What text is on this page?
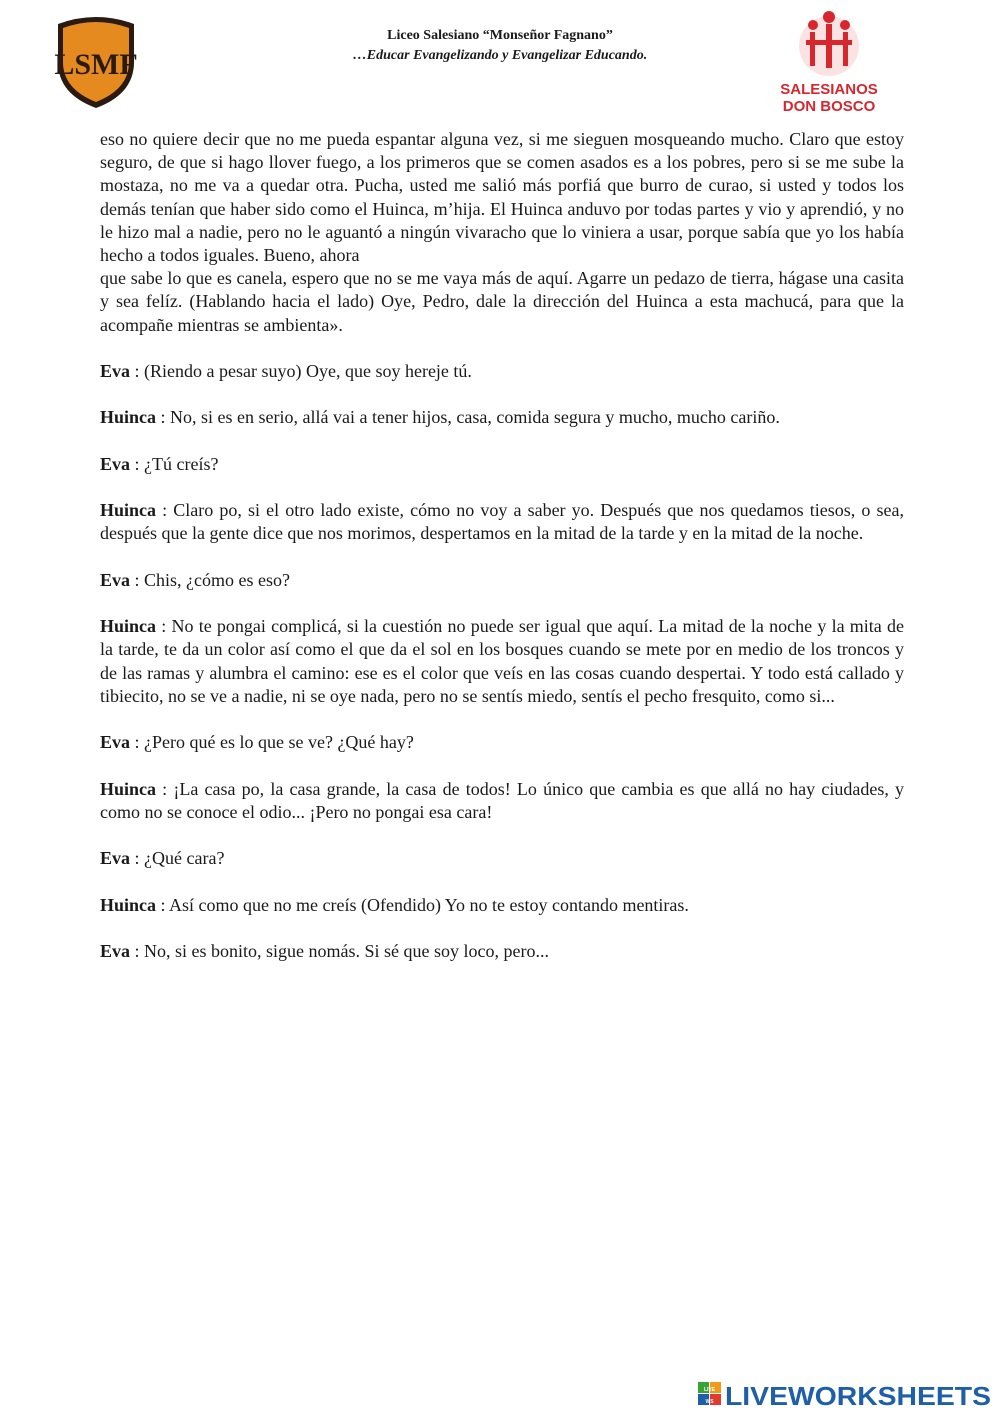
LSMF
Liceo Salesiano “Monseñor Fagnano”
…Educar Evangelizando y Evangelizar Educando.
SALESIANOS
DON BOSCO

eso no quiere decir que no me pueda espantar alguna vez, si me sieguen mosqueando mucho. Claro que estoy seguro, de que si hago llover fuego, a los primeros que se comen asados es a los pobres, pero si se me sube la mostaza, no me va a quedar otra. Pucha, usted me salió más porfiá que burro de curao, si usted y todos los demás tenían que haber sido como el Huinca, m’hija. El Huinca anduvo por todas partes y vio y aprendió, y no le hizo mal a nadie, pero no le aguantó a ningún vivaracho que lo viniera a usar, porque sabía que yo los había hecho a todos iguales. Bueno, ahora

que sabe lo que es canela, espero que no se me vaya más de aquí. Agarre un pedazo de tierra, hágase una casita y sea felíz. (Hablando hacia el lado) Oye, Pedro, dale la dirección del Huinca a esta machucá, para que la acompañe mientras se ambienta».

Eva : (Riendo a pesar suyo) Oye, que soy hereje tú.

Huinca : No, si es en serio, allá vai a tener hijos, casa, comida segura y mucho, mucho cariño.

Eva : ¿Tú creís?

Huinca : Claro po, si el otro lado existe, cómo no voy a saber yo. Después que nos quedamos tiesos, o sea, después que la gente dice que nos morimos, despertamos en la mitad de la tarde y en la mitad de la noche.

Eva : Chis, ¿cómo es eso?

Huinca : No te pongai complicá, si la cuestión no puede ser igual que aquí. La mitad de la noche y la mita de la tarde, te da un color así como el que da el sol en los bosques cuando se mete por en medio de los troncos y de las ramas y alumbra el camino: ese es el color que veís en las cosas cuando despertai. Y todo está callado y tibiecito, no se ve a nadie, ni se oye nada, pero no se sentís miedo, sentís el pecho fresquito, como si...

Eva : ¿Pero qué es lo que se ve? ¿Qué hay?

Huinca : ¡La casa po, la casa grande, la casa de todos! Lo único que cambia es que allá no hay ciudades, y como no se conoce el odio... ¡Pero no pongai esa cara!

Eva : ¿Qué cara?

Huinca : Así como que no me creís (Ofendido) Yo no te estoy contando mentiras.

Eva : No, si es bonito, sigue nomás. Si sé que soy loco, pero...

LIVE
WS LIVEWORKSHEETS
